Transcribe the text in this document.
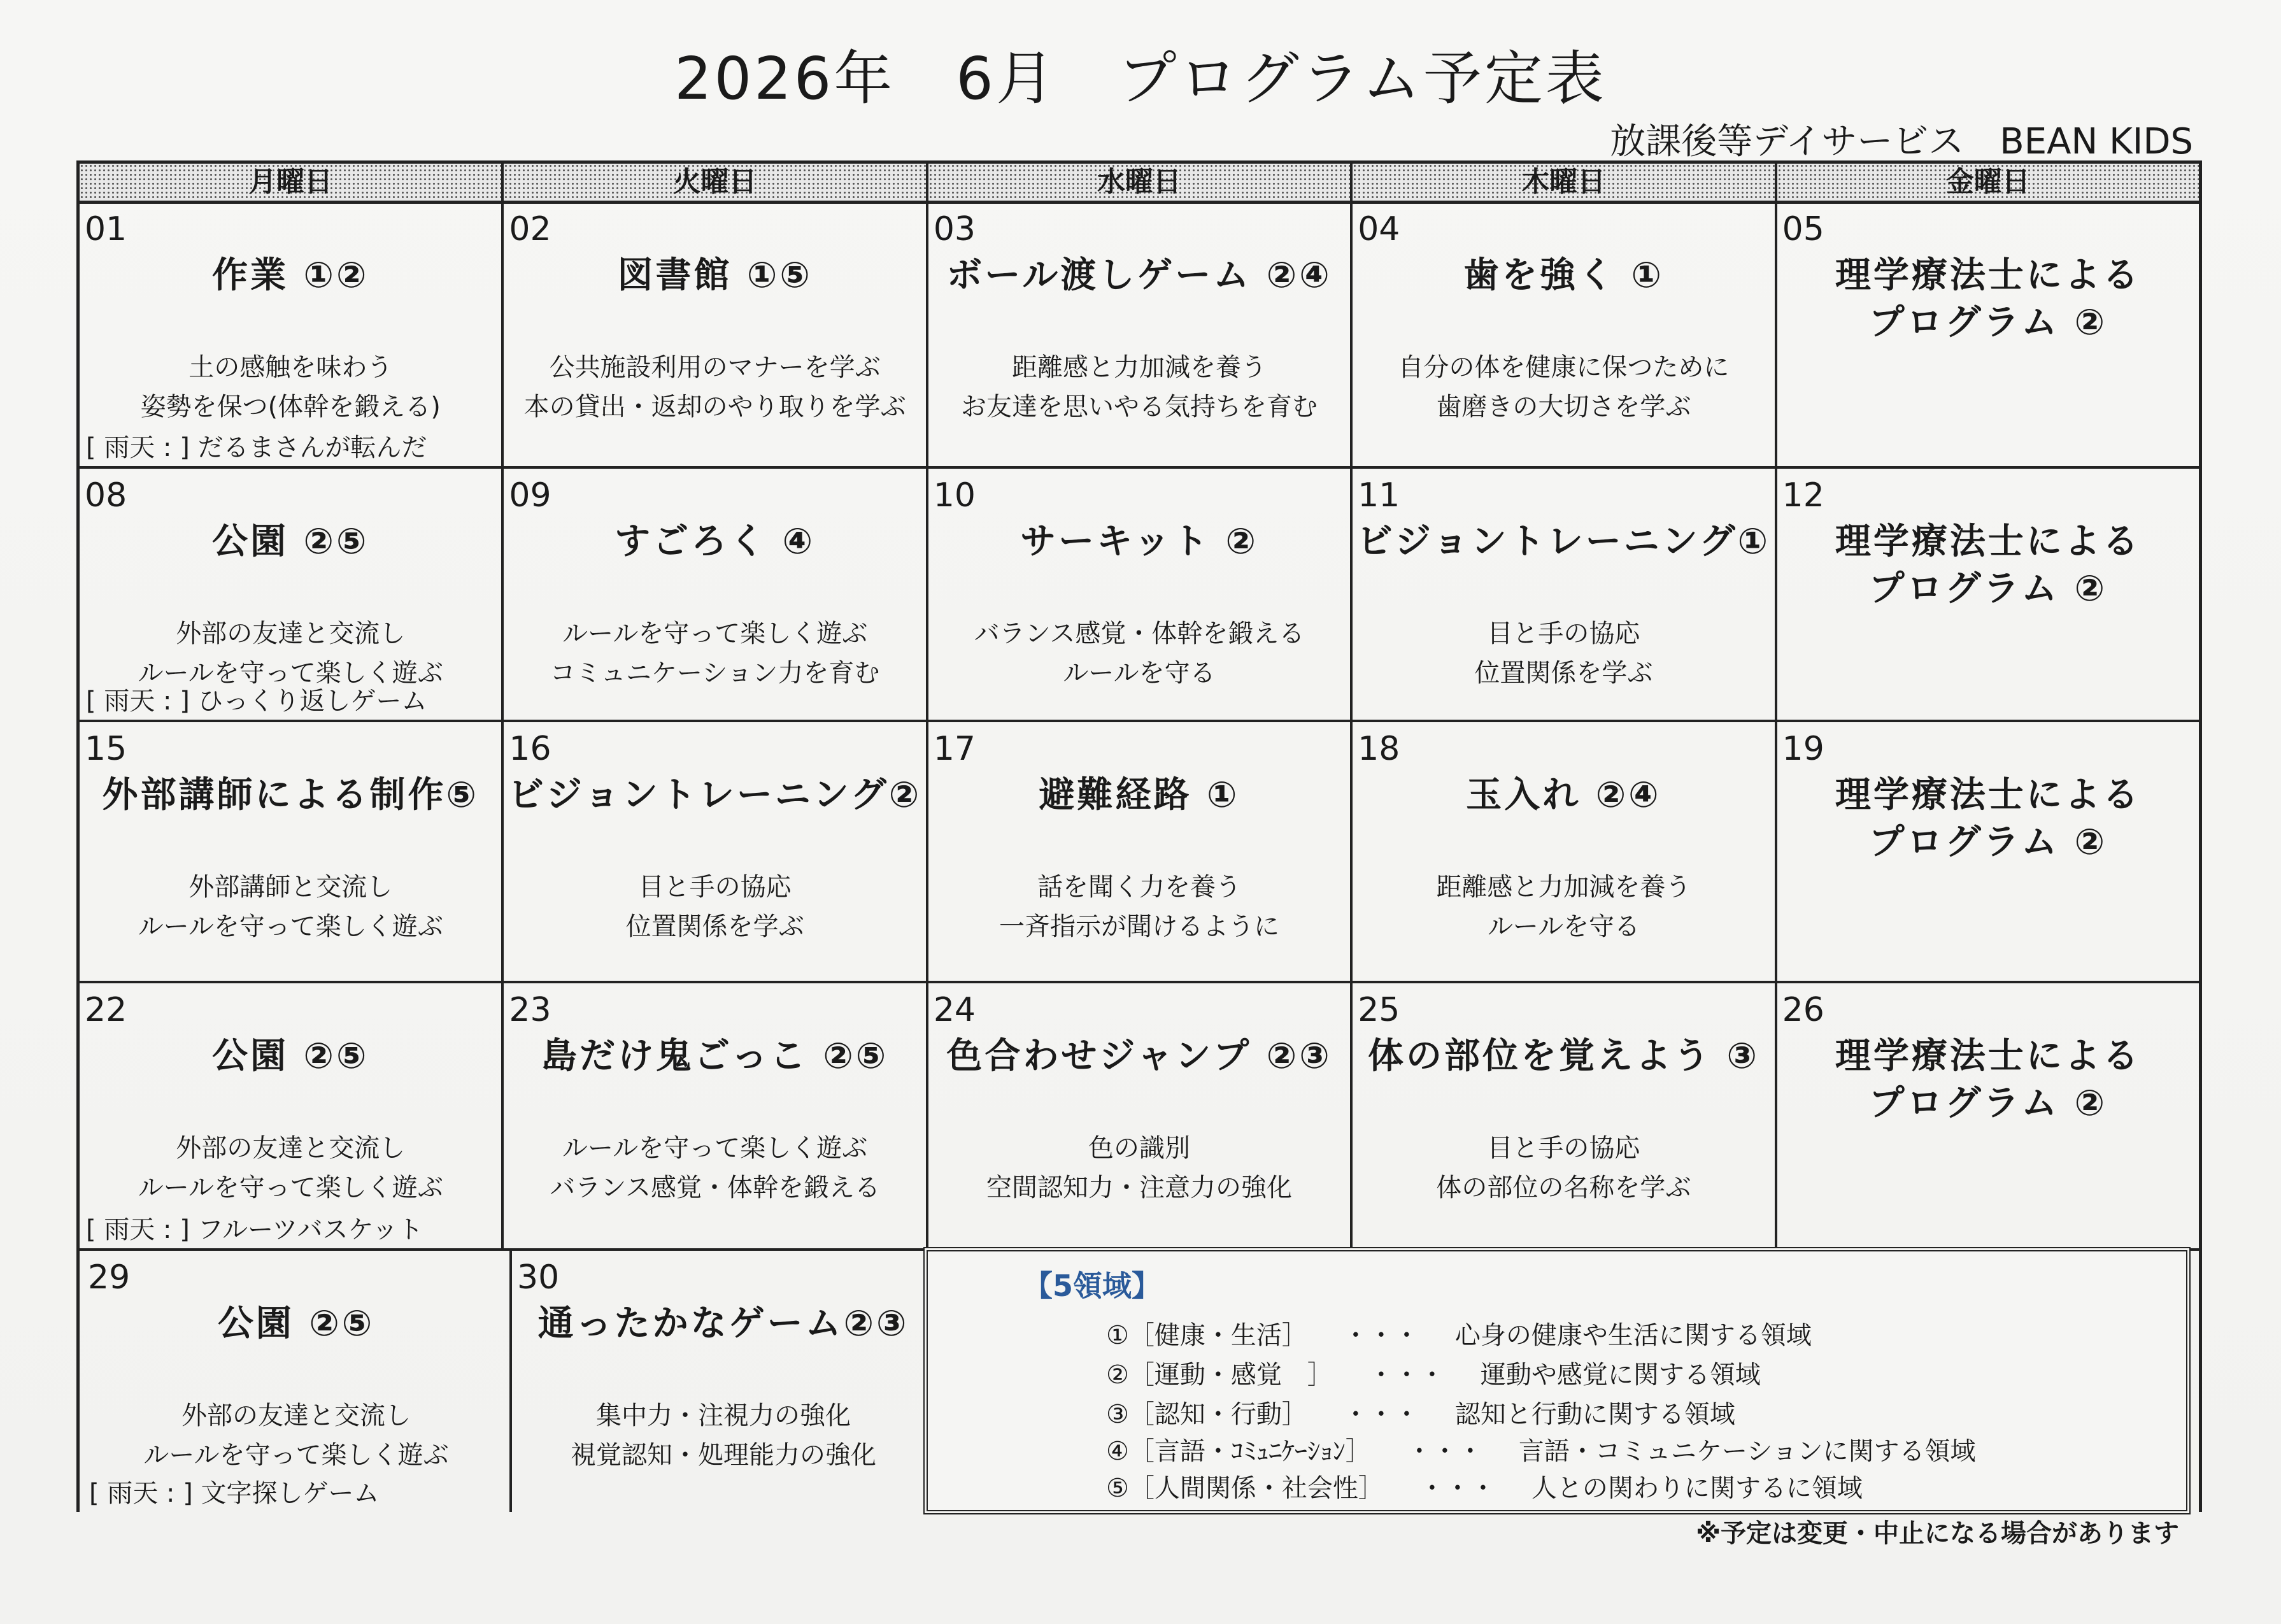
2026年　6月　プログラム予定表
放課後等デイサービス　BEAN KIDS
月曜日	火曜日	水曜日	木曜日	金曜日
01
作業 ①②
土の感触を味わう
姿勢を保つ(体幹を鍛える)
[ 雨天 : ] だるまさんが転んだ
02
図書館 ①⑤
公共施設利用のマナーを学ぶ
本の貸出・返却のやり取りを学ぶ
03
ボール渡しゲーム ②④
距離感と力加減を養う
お友達を思いやる気持ちを育む
04
歯を強く ①
自分の体を健康に保つために
歯磨きの大切さを学ぶ
05
理学療法士による
プログラム ②
08
公園 ②⑤
外部の友達と交流し
ルールを守って楽しく遊ぶ
[ 雨天 : ] ひっくり返しゲーム
09
すごろく ④
ルールを守って楽しく遊ぶ
コミュニケーション力を育む
10
サーキット ②
バランス感覚・体幹を鍛える
ルールを守る
11
ビジョントレーニング①
目と手の協応
位置関係を学ぶ
12
理学療法士による
プログラム ②
15
外部講師による制作⑤
外部講師と交流し
ルールを守って楽しく遊ぶ
16
ビジョントレーニング②
目と手の協応
位置関係を学ぶ
17
避難経路 ①
話を聞く力を養う
一斉指示が聞けるように
18
玉入れ ②④
距離感と力加減を養う
ルールを守る
19
理学療法士による
プログラム ②
22
公園 ②⑤
外部の友達と交流し
ルールを守って楽しく遊ぶ
[ 雨天 : ] フルーツバスケット
23
島だけ鬼ごっこ ②⑤
ルールを守って楽しく遊ぶ
バランス感覚・体幹を鍛える
24
色合わせジャンプ ②③
色の識別
空間認知力・注意力の強化
25
体の部位を覚えよう ③
目と手の協応
体の部位の名称を学ぶ
26
理学療法士による
プログラム ②
29
公園 ②⑤
外部の友達と交流し
ルールを守って楽しく遊ぶ
[ 雨天 : ] 文字探しゲーム
30
通ったかなゲーム②③
集中力・注視力の強化
視覚認知・処理能力の強化
【5領域】
①［健康・生活］ ・・・ 心身の健康や生活に関する領域
②［運動・感覚　］ ・・・ 運動や感覚に関する領域
③［認知・行動］ ・・・ 認知と行動に関する領域
④［言語・ｺﾐｭﾆｹｰｼｮﾝ］ ・・・ 言語・コミュニケーションに関する領域
⑤［人間関係・社会性］ ・・・ 人との関わりに関するに領域
※予定は変更・中止になる場合があります
